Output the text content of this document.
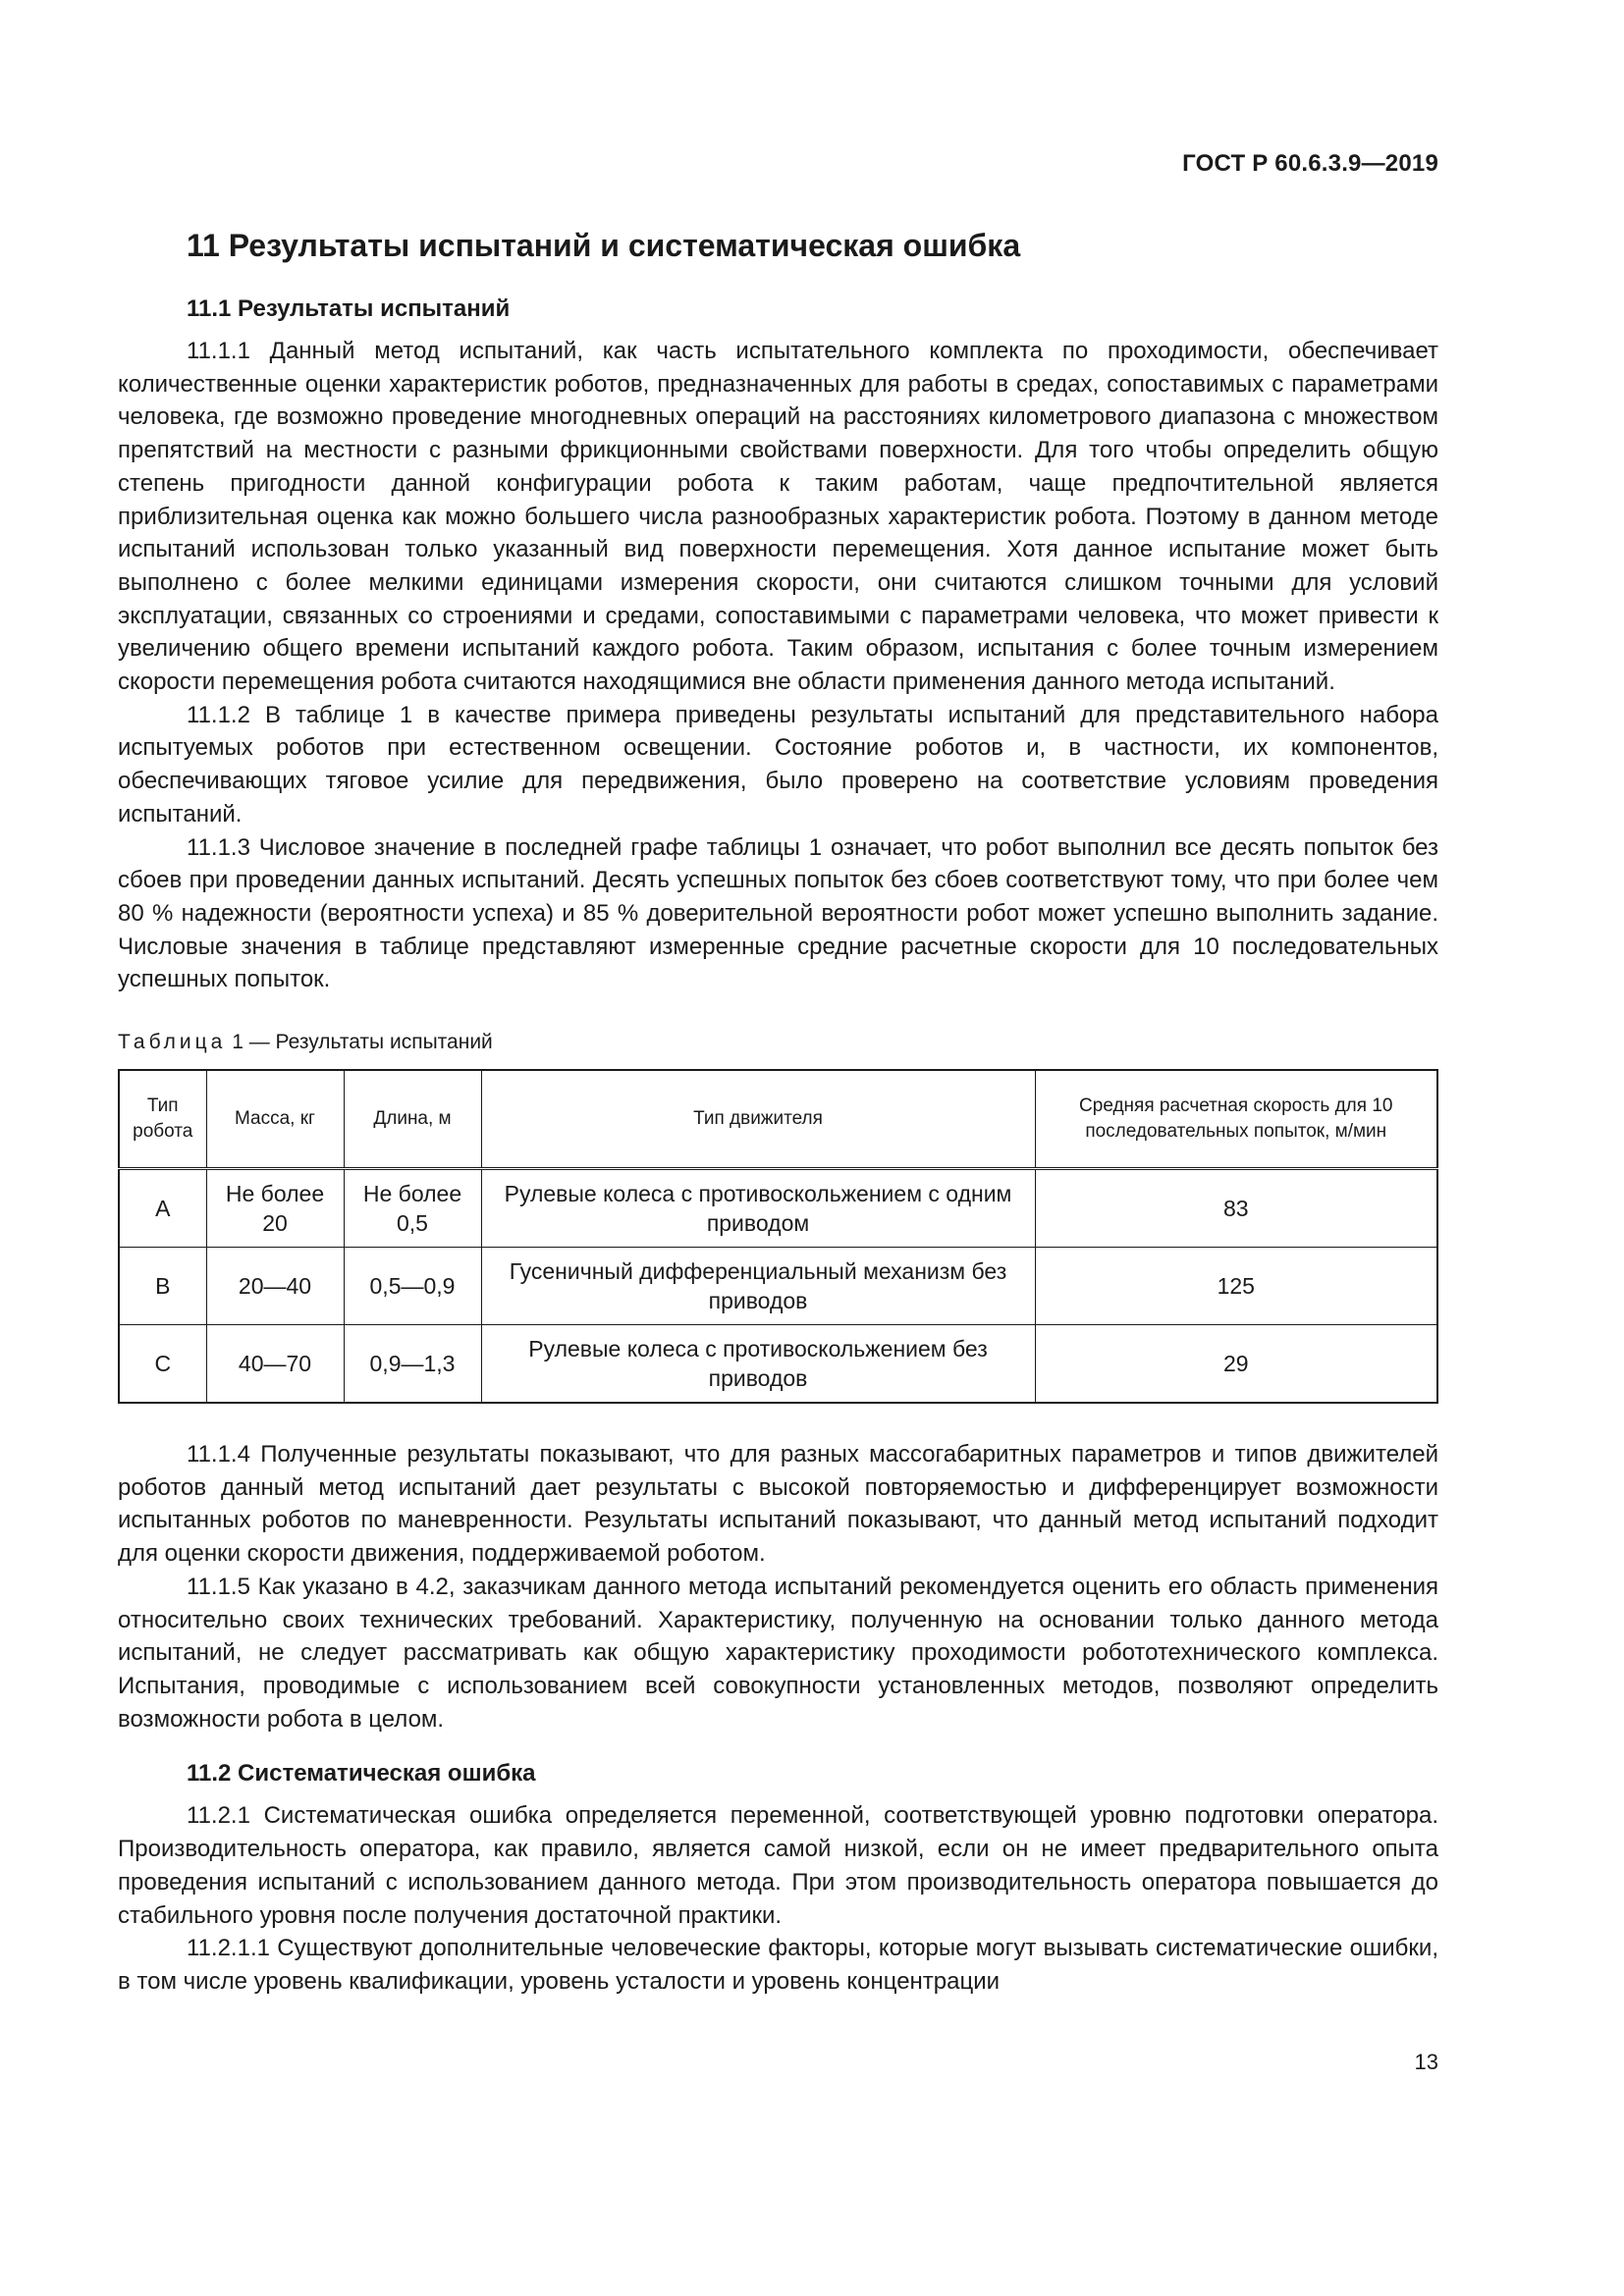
ГОСТ Р 60.6.3.9—2019
11 Результаты испытаний и систематическая ошибка
11.1 Результаты испытаний

11.1.1 Данный метод испытаний, как часть испытательного комплекта по проходимости, обеспечивает количественные оценки характеристик роботов, предназначенных для работы в средах, сопоставимых с параметрами человека, где возможно проведение многодневных операций на расстояниях километрового диапазона с множеством препятствий на местности с разными фрикционными свойствами поверхности. Для того чтобы определить общую степень пригодности данной конфигурации робота к таким работам, чаще предпочтительной является приблизительная оценка как можно большего числа разнообразных характеристик робота. Поэтому в данном методе испытаний использован только указанный вид поверхности перемещения. Хотя данное испытание может быть выполнено с более мелкими единицами измерения скорости, они считаются слишком точными для условий эксплуатации, связанных со строениями и средами, сопоставимыми с параметрами человека, что может привести к увеличению общего времени испытаний каждого робота. Таким образом, испытания с более точным измерением скорости перемещения робота считаются находящимися вне области применения данного метода испытаний.

11.1.2 В таблице 1 в качестве примера приведены результаты испытаний для представительного набора испытуемых роботов при естественном освещении. Состояние роботов и, в частности, их компонентов, обеспечивающих тяговое усилие для передвижения, было проверено на соответствие условиям проведения испытаний.

11.1.3 Числовое значение в последней графе таблицы 1 означает, что робот выполнил все десять попыток без сбоев при проведении данных испытаний. Десять успешных попыток без сбоев соответствуют тому, что при более чем 80 % надежности (вероятности успеха) и 85 % доверительной вероятности робот может успешно выполнить задание. Числовые значения в таблице представляют измеренные средние расчетные скорости для 10 последовательных успешных попыток.

Таблица 1 — Результаты испытаний
Тип робота	Масса, кг	Длина, м	Тип движителя	Средняя расчетная скорость для 10 последовательных попыток, м/мин
A	Не более 20	Не более 0,5	Рулевые колеса с противоскольжением с одним приводом	83
B	20—40	0,5—0,9	Гусеничный дифференциальный механизм без приводов	125
C	40—70	0,9—1,3	Рулевые колеса с противоскольжением без приводов	29

11.1.4 Полученные результаты показывают, что для разных массогабаритных параметров и типов движителей роботов данный метод испытаний дает результаты с высокой повторяемостью и дифференцирует возможности испытанных роботов по маневренности. Результаты испытаний показывают, что данный метод испытаний подходит для оценки скорости движения, поддерживаемой роботом.

11.1.5 Как указано в 4.2, заказчикам данного метода испытаний рекомендуется оценить его область применения относительно своих технических требований. Характеристику, полученную на основании только данного метода испытаний, не следует рассматривать как общую характеристику проходимости робототехнического комплекса. Испытания, проводимые с использованием всей совокупности установленных методов, позволяют определить возможности робота в целом.

11.2 Систематическая ошибка

11.2.1 Систематическая ошибка определяется переменной, соответствующей уровню подготовки оператора. Производительность оператора, как правило, является самой низкой, если он не имеет предварительного опыта проведения испытаний с использованием данного метода. При этом производительность оператора повышается до стабильного уровня после получения достаточной практики.

11.2.1.1 Существуют дополнительные человеческие факторы, которые могут вызывать систематические ошибки, в том числе уровень квалификации, уровень усталости и уровень концентрации

13
